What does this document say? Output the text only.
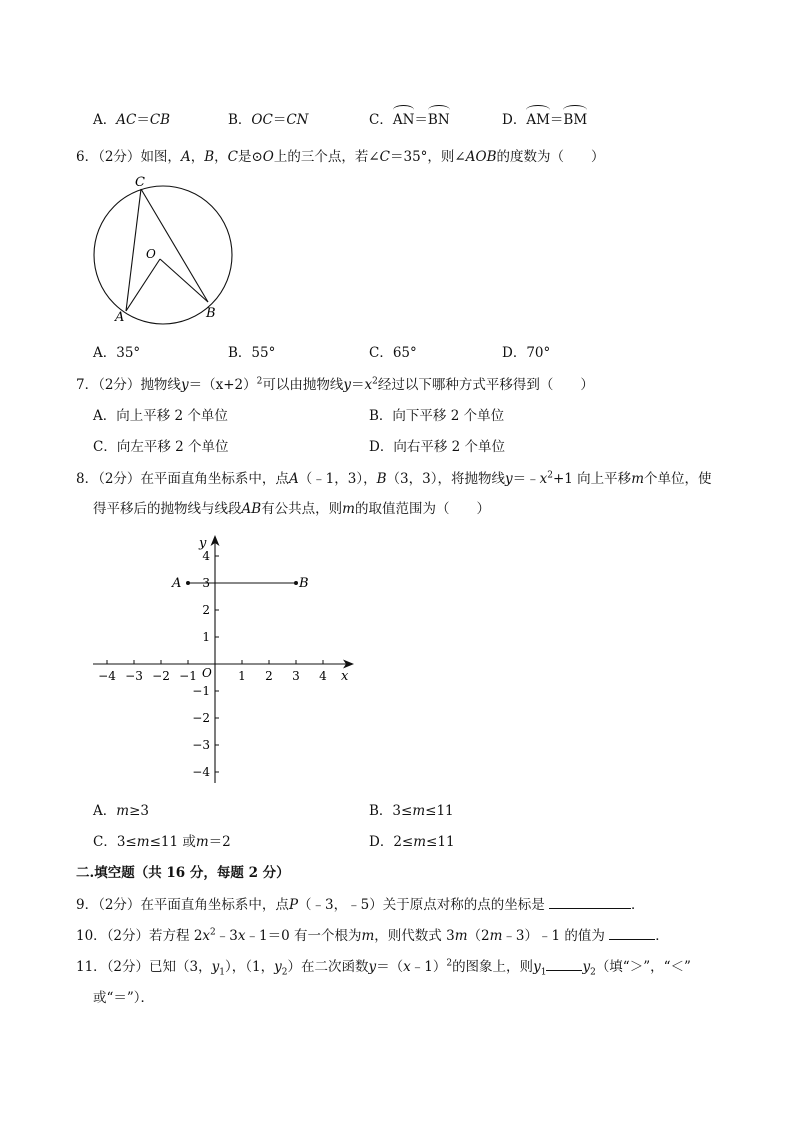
A．AC＝CB	B．OC＝CN	C．AN＝BN	D．AM＝BM
6．（2分）如图，A，B，C是⊙O上的三个点，若∠C＝35°，则∠AOB的度数为（　　）
C
O
A	B
A．35°	B．55°	C．65°	D．70°
7．（2分）抛物线$y=(x+2)^2$可以由抛物线$y=x^2$经过以下哪种方式平移得到（　　）
A．向上平移 2 个单位	B．向下平移 2 个单位
C．向左平移 2 个单位	D．向右平移 2 个单位
8．（2分）在平面直角坐标系中，点A（﹣1，3），B（3，3），将抛物线$y=﹣x^2+1$ 向上平移m个单位，使
得平移后的抛物线与线段AB有公共点，则m的取值范围为（　　）
−4 −3 −2 −1	1 2 3 4
4
3
2
1
−1
−2
−3
−4
A	B
x
y
O
A．m≥3	B．3≤m≤11
C．3≤m≤11 或m＝2	D．2≤m≤11
二.填空题（共 16 分，每题 2 分）
9．（2分）在平面直角坐标系中，点P（﹣3，﹣5）关于原点对称的点的坐标是	．
10．（2分）若方程 $2x^2﹣3x﹣1=0$ 有一个根为m，则代数式 3m（2m﹣3）﹣1 的值为	．
11．（2分）已知（3，$y_1$），（1，$y_2$）在二次函数y＝（x﹣1）$^2$的图象上，则$y_1$	$y_2$（填“＞”，“＜”
或“＝”）．
